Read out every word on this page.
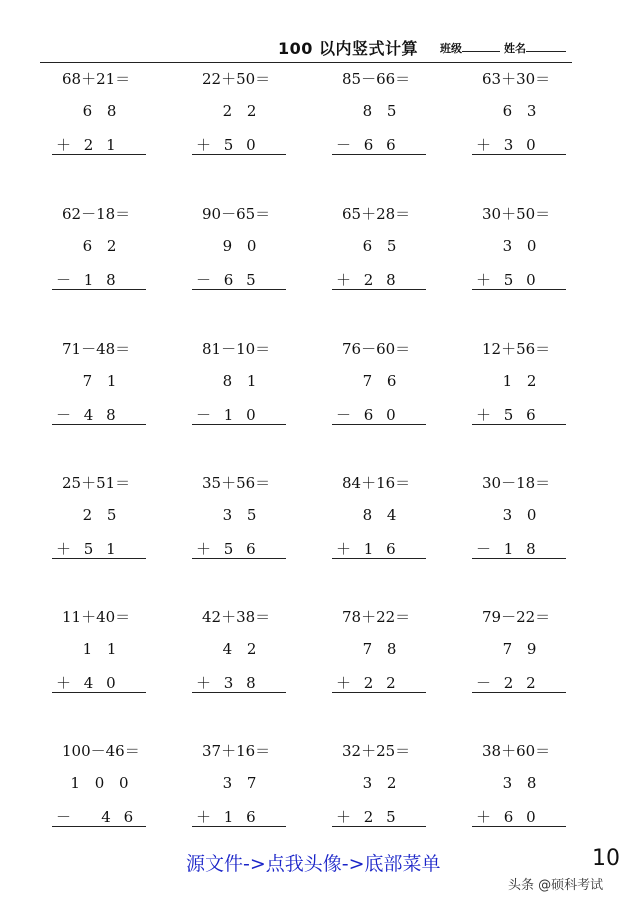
100 以内竖式计算 班级	姓名
68＋21＝
6 8
＋ 2 1
22＋50＝
2 2
＋ 5 0
85－66＝
8 5
－ 6 6
63＋30＝
6 3
＋ 3 0
62－18＝
6 2
－ 1 8
90－65＝
9 0
－ 6 5
65＋28＝
6 5
＋ 2 8
30＋50＝
3 0
＋ 5 0
71－48＝
7 1
－ 4 8
81－10＝
8 1
－ 1 0
76－60＝
7 6
－ 6 0
12＋56＝
1 2
＋ 5 6
25＋51＝
2 5
＋ 5 1
35＋56＝
3 5
＋ 5 6
84＋16＝
8 4
＋ 1 6
30－18＝
3 0
－ 1 8
11＋40＝
1 1
＋ 4 0
42＋38＝
4 2
＋ 3 8
78＋22＝
7 8
＋ 2 2
79－22＝
7 9
－ 2 2
100－46＝
1 0 0
－   4 6
37＋16＝
3 7
＋ 1 6
32＋25＝
3 2
＋ 2 5
38＋60＝
3 8
＋ 6 0
源文件->点我头像->底部菜单	10
头条 @硕科考试
